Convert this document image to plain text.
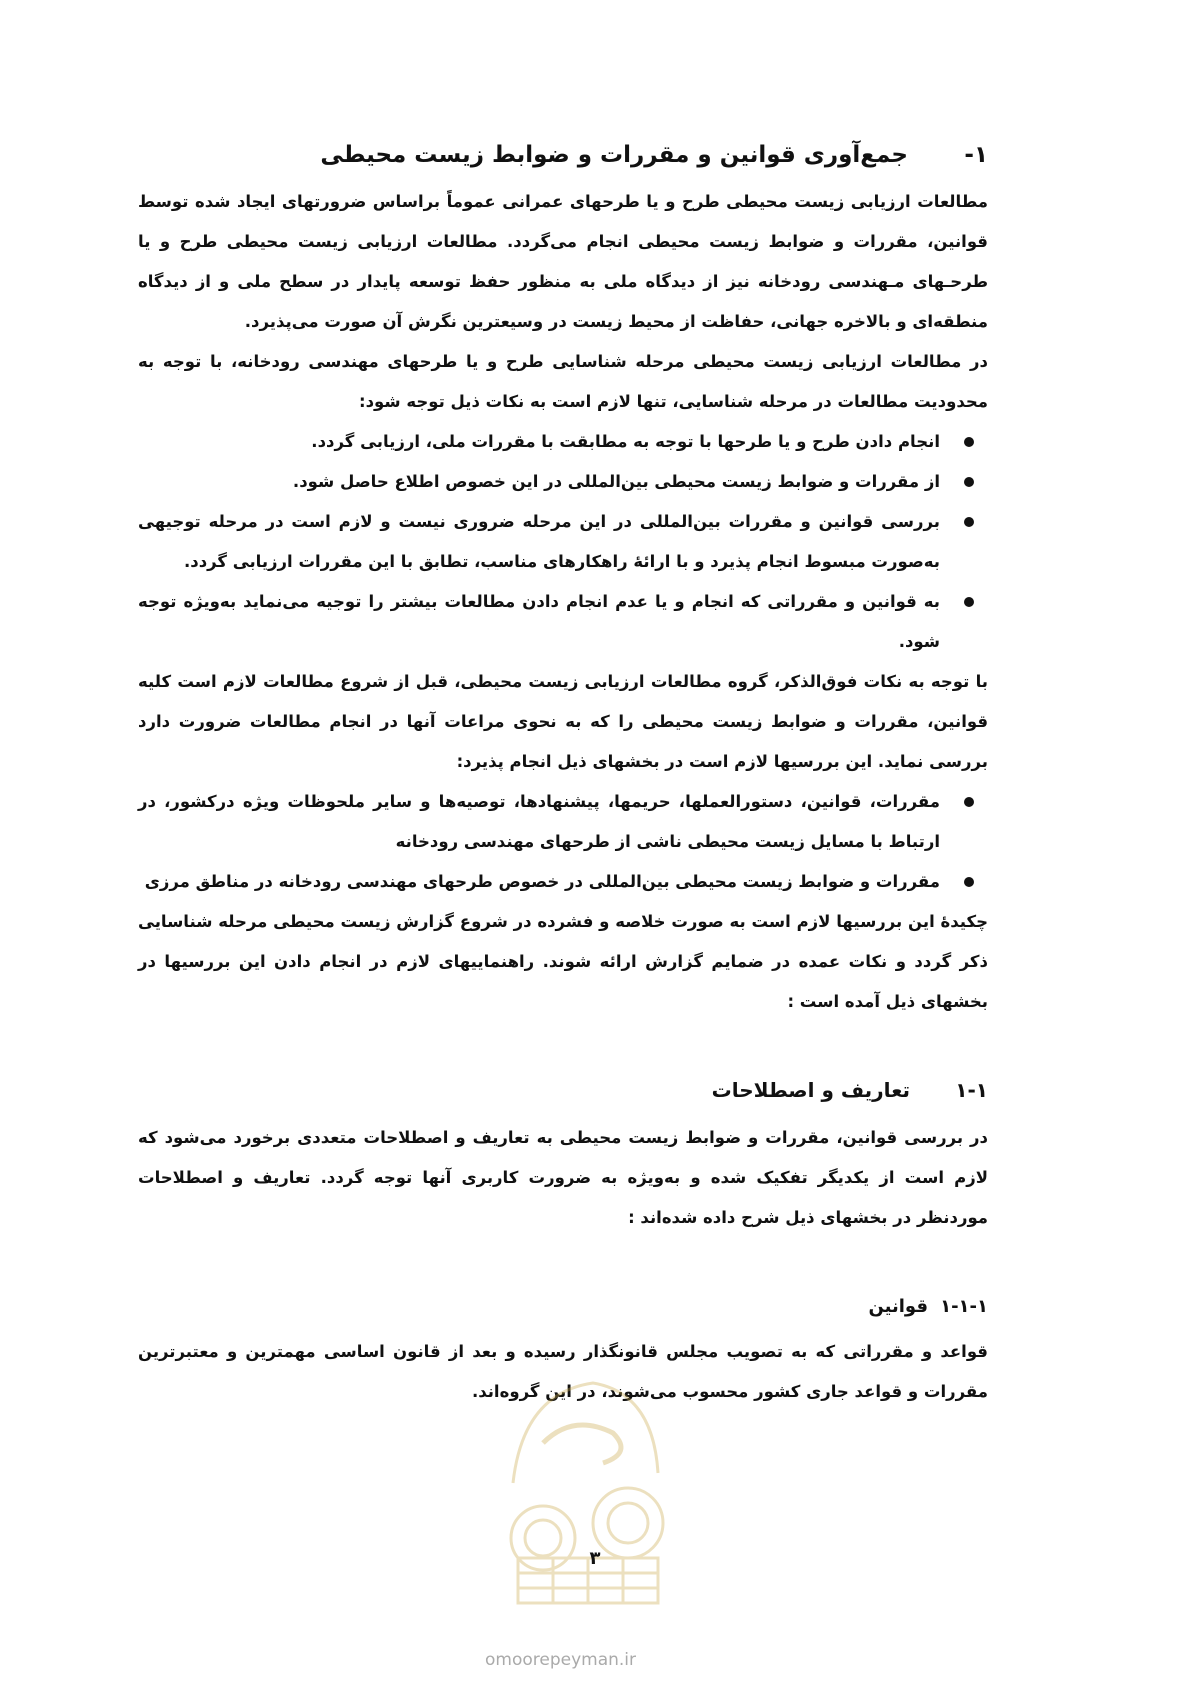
۱-
جمع‌آوری قوانین و مقررات و ضوابط زیست محیطی

مطالعات ارزیابی زیست محیطی طرح و یا طرحهای عمرانی عموماً براساس ضرورتهای ایجاد شده توسط قوانین، مقررات و ضوابط زیست محیطی انجام می‌گردد. مطالعات ارزیابی زیست محیطی طرح و یا طرحـهای مـهندسی رودخانه نیز از دیدگاه ملی به منظور حفظ توسعه پایدار در سطح ملی و از دیدگاه منطقه‌ای و بالاخره جهانی، حفاظت از محیط زیست در وسیعترین نگرش آن صورت می‌پذیرد.

در مطالعات ارزیابی زیست محیطی مرحله شناسایی طرح و یا طرحهای مهندسی رودخانه، با توجه به محدودیت مطالعات در مرحله شناسایی، تنها لازم است به نکات ذیل توجه شود:

انجام دادن طرح و یا طرحها با توجه به مطابقت با مقررات ملی، ارزیابی گردد.
از مقررات و ضوابط زیست محیطی بین‌المللی در این خصوص اطلاع حاصل شود.
بررسی قوانین و مقررات بین‌المللی در این مرحله ضروری نیست و لازم است در مرحله توجیهی به‌صورت مبسوط انجام پذیرد و با ارائهٔ راهکارهای مناسب، تطابق با این مقررات ارزیابی گردد.
به قوانین و مقرراتی که انجام و یا عدم انجام دادن مطالعات بیشتر را توجیه می‌نماید به‌ویژه توجه شود.

با توجه به نکات فوق‌الذکر، گروه مطالعات ارزیابی زیست محیطی، قبل از شروع مطالعات لازم است کلیه قوانین، مقررات و ضوابط زیست محیطی را که به نحوی مراعات آنها در انجام مطالعات ضرورت دارد بررسی نماید. این بررسیها لازم است در بخشهای ذیل انجام پذیرد:

مقررات، قوانین، دستورالعملها، حریمها، پیشنهادها، توصیه‌ها و سایر ملحوظات ویژه درکشور، در ارتباط با مسایل زیست محیطی ناشی از طرحهای مهندسی رودخانه
مقررات و ضوابط زیست محیطی بین‌المللی در خصوص طرحهای مهندسی رودخانه در مناطق مرزی

چکیدهٔ این بررسیها لازم است به صورت خلاصه و فشرده در شروع گزارش زیست محیطی مرحله شناسایی ذکر گردد و نکات عمده در ضمایم گزارش ارائه شوند. راهنماییهای لازم در انجام دادن این بررسیها در بخشهای ذیل آمده است :

۱-۱
تعاریف و اصطلاحات

در بررسی قوانین، مقررات و ضوابط زیست محیطی به تعاریف و اصطلاحات متعددی برخورد می‌شود که لازم است از یکدیگر تفکیک شده و به‌ویژه به ضرورت کاربری آنها توجه گردد. تعاریف و اصطلاحات موردنظر در بخشهای ذیل شرح داده شده‌اند :

۱-۱-۱
قوانین

قواعد و مقرراتی که به تصویب مجلس قانونگذار رسیده و بعد از قانون اساسی مهمترین و معتبرترین مقررات و قواعد جاری کشور محسوب می‌شوند، در این گروه‌اند.

۳
omoorepeyman.ir
